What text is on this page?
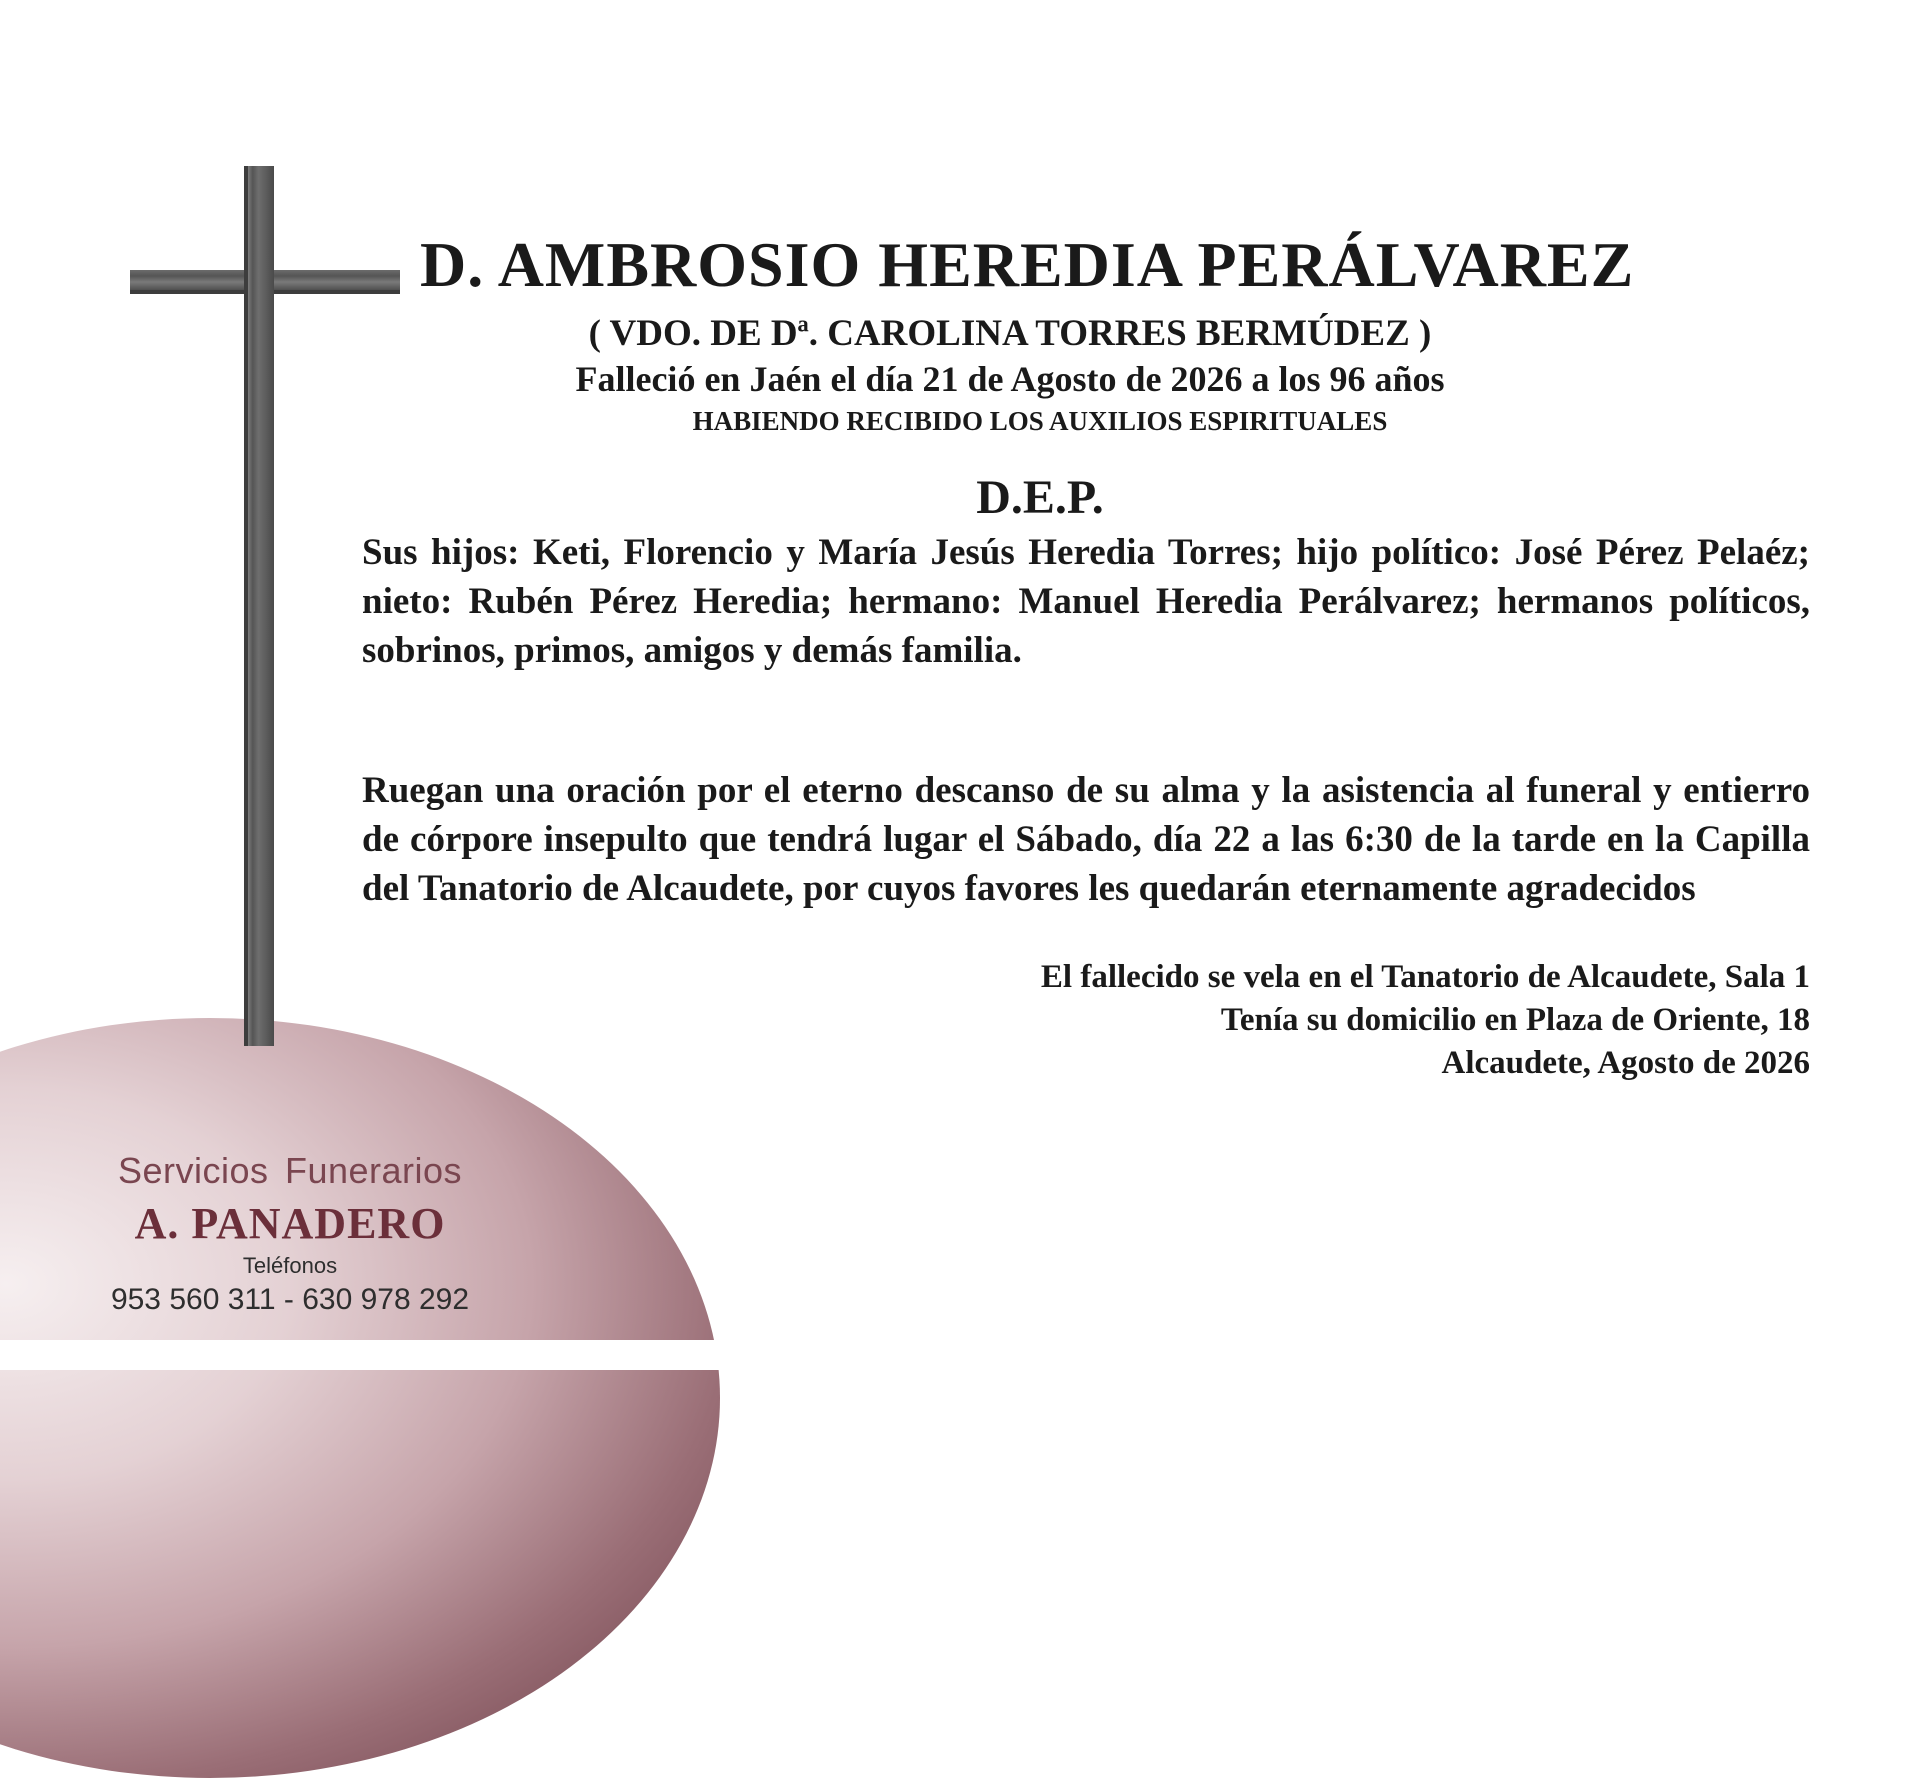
D. AMBROSIO HEREDIA PERÁLVAREZ
( VDO. DE Dª. CAROLINA TORRES BERMÚDEZ )
Falleció en Jaén el día 21 de Agosto de 2026 a los 96 años
HABIENDO RECIBIDO LOS AUXILIOS ESPIRITUALES
D.E.P.
Sus hijos: Keti, Florencio y María Jesús Heredia Torres; hijo político: José Pérez Pelaéz; nieto: Rubén Pérez Heredia; hermano: Manuel Heredia Perálvarez; hermanos políticos, sobrinos, primos, amigos y demás familia.
Ruegan una oración por el eterno descanso de su alma y la asistencia al funeral y entierro de córpore insepulto que tendrá lugar el Sábado, día 22 a las 6:30 de la tarde en la Capilla del Tanatorio de Alcaudete, por cuyos favores les quedarán eternamente agradecidos
El fallecido se vela en el Tanatorio de Alcaudete, Sala 1
Tenía su domicilio en Plaza de Oriente, 18
Alcaudete, Agosto de 2026
Servicios Funerarios
A. PANADERO
Teléfonos
953 560 311 - 630 978 292
